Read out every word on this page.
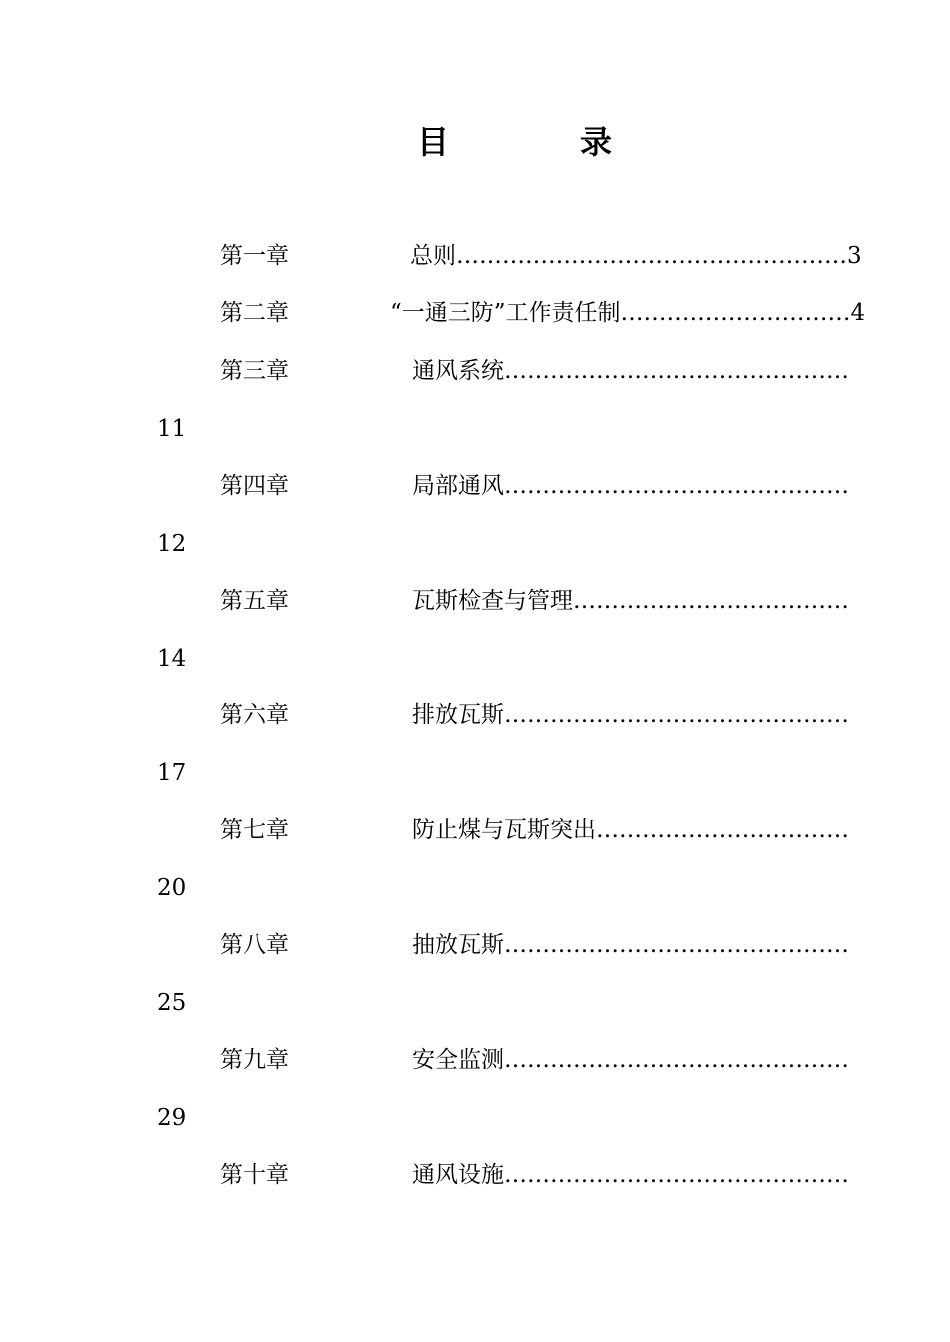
目	录
第一章	总则……………………………………………3
第二章	“一通三防”工作责任制…………………………4
第三章	通风系统………………………………………
11
第四章	局部通风………………………………………
12
第五章	瓦斯检查与管理………………………………
14
第六章	排放瓦斯………………………………………
17
第七章	防止煤与瓦斯突出……………………………
20
第八章	抽放瓦斯………………………………………
25
第九章	安全监测………………………………………
29
第十章	通风设施………………………………………
